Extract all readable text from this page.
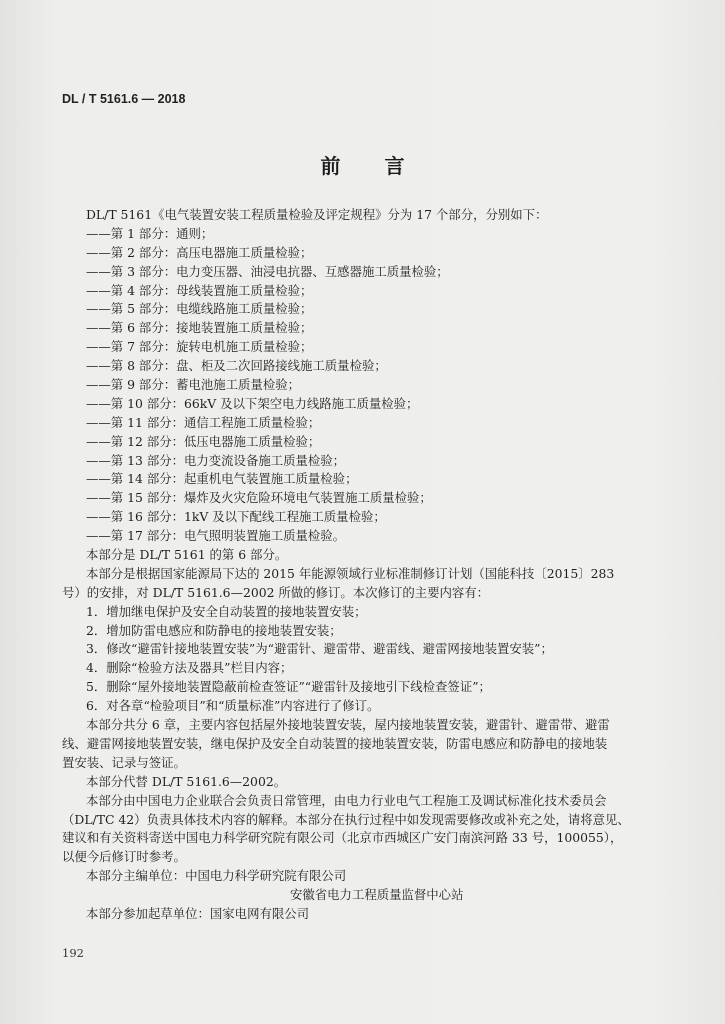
DL / T 5161.6 — 2018
前言
DL/T 5161《电气装置安装工程质量检验及评定规程》分为 17 个部分，分别如下：
——第 1 部分：通则；
——第 2 部分：高压电器施工质量检验；
——第 3 部分：电力变压器、油浸电抗器、互感器施工质量检验；
——第 4 部分：母线装置施工质量检验；
——第 5 部分：电缆线路施工质量检验；
——第 6 部分：接地装置施工质量检验；
——第 7 部分：旋转电机施工质量检验；
——第 8 部分：盘、柜及二次回路接线施工质量检验；
——第 9 部分：蓄电池施工质量检验；
——第 10 部分：66kV 及以下架空电力线路施工质量检验；
——第 11 部分：通信工程施工质量检验；
——第 12 部分：低压电器施工质量检验；
——第 13 部分：电力变流设备施工质量检验；
——第 14 部分：起重机电气装置施工质量检验；
——第 15 部分：爆炸及火灾危险环境电气装置施工质量检验；
——第 16 部分：1kV 及以下配线工程施工质量检验；
——第 17 部分：电气照明装置施工质量检验。
本部分是 DL/T 5161 的第 6 部分。
本部分是根据国家能源局下达的 2015 年能源领域行业标准制修订计划（国能科技〔2015〕283
号）的安排，对 DL/T 5161.6—2002 所做的修订。本次修订的主要内容有：
1．增加继电保护及安全自动装置的接地装置安装；
2．增加防雷电感应和防静电的接地装置安装；
3．修改“避雷针接地装置安装”为“避雷针、避雷带、避雷线、避雷网接地装置安装”；
4．删除“检验方法及器具”栏目内容；
5．删除“屋外接地装置隐蔽前检查签证”“避雷针及接地引下线检查签证”；
6．对各章“检验项目”和“质量标准”内容进行了修订。
本部分共分 6 章，主要内容包括屋外接地装置安装，屋内接地装置安装，避雷针、避雷带、避雷
线、避雷网接地装置安装，继电保护及安全自动装置的接地装置安装，防雷电感应和防静电的接地装
置安装、记录与签证。
本部分代替 DL/T 5161.6—2002。
本部分由中国电力企业联合会负责日常管理，由电力行业电气工程施工及调试标准化技术委员会
（DL/TC 42）负责具体技术内容的解释。本部分在执行过程中如发现需要修改或补充之处，请将意见、
建议和有关资料寄送中国电力科学研究院有限公司（北京市西城区广安门南滨河路 33 号，100055），
以便今后修订时参考。
本部分主编单位：中国电力科学研究院有限公司
安徽省电力工程质量监督中心站
本部分参加起草单位：国家电网有限公司
192
